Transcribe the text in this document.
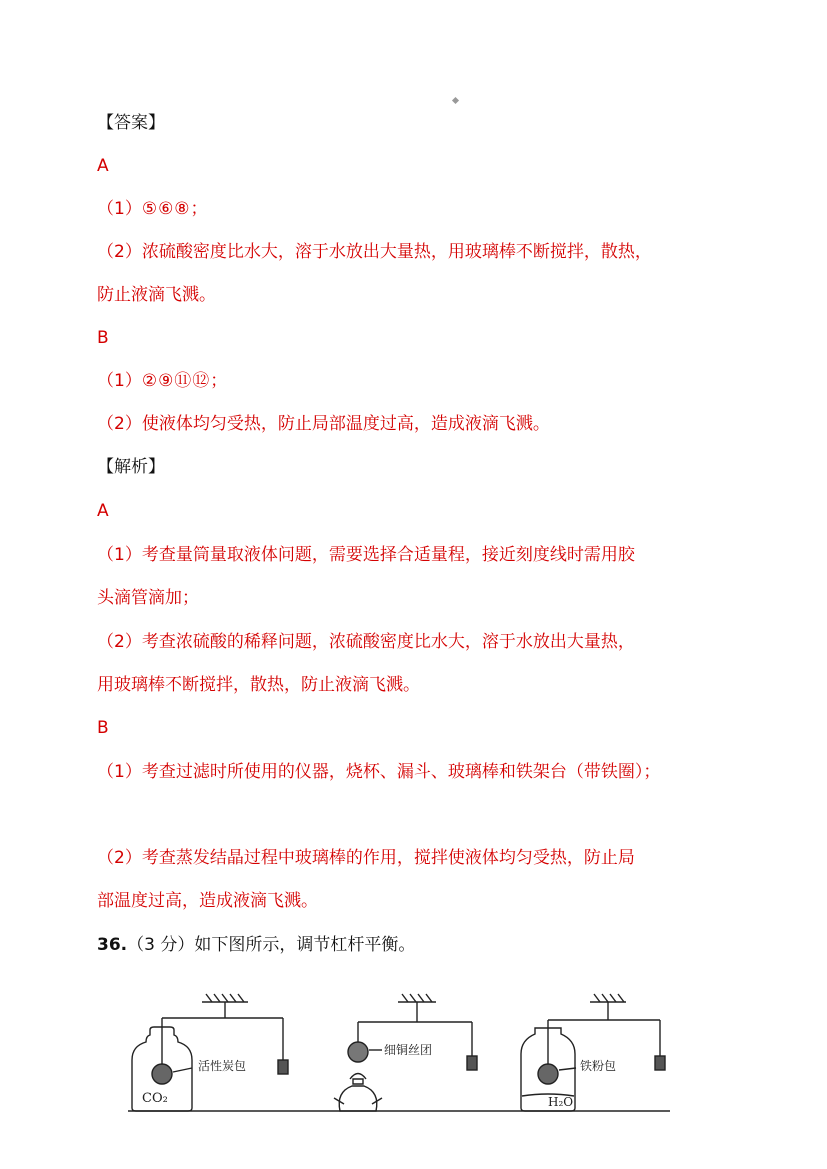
【答案】
A
（1）⑤⑥⑧；
（2）浓硫酸密度比水大，溶于水放出大量热，用玻璃棒不断搅拌，散热，
防止液滴飞溅。
B
（1）②⑨⑪⑫；
（2）使液体均匀受热，防止局部温度过高，造成液滴飞溅。
【解析】
A
（1）考查量筒量取液体问题，需要选择合适量程，接近刻度线时需用胶
头滴管滴加；
（2）考查浓硫酸的稀释问题，浓硫酸密度比水大，溶于水放出大量热，
用玻璃棒不断搅拌，散热，防止液滴飞溅。
B
（1）考查过滤时所使用的仪器，烧杯、漏斗、玻璃棒和铁架台（带铁圈）；
（2）考查蒸发结晶过程中玻璃棒的作用，搅拌使液体均匀受热，防止局
部温度过高，造成液滴飞溅。
36.（3 分）如下图所示，调节杠杆平衡。
活性炭包
CO₂
细铜丝团
铁粉包
H₂O
